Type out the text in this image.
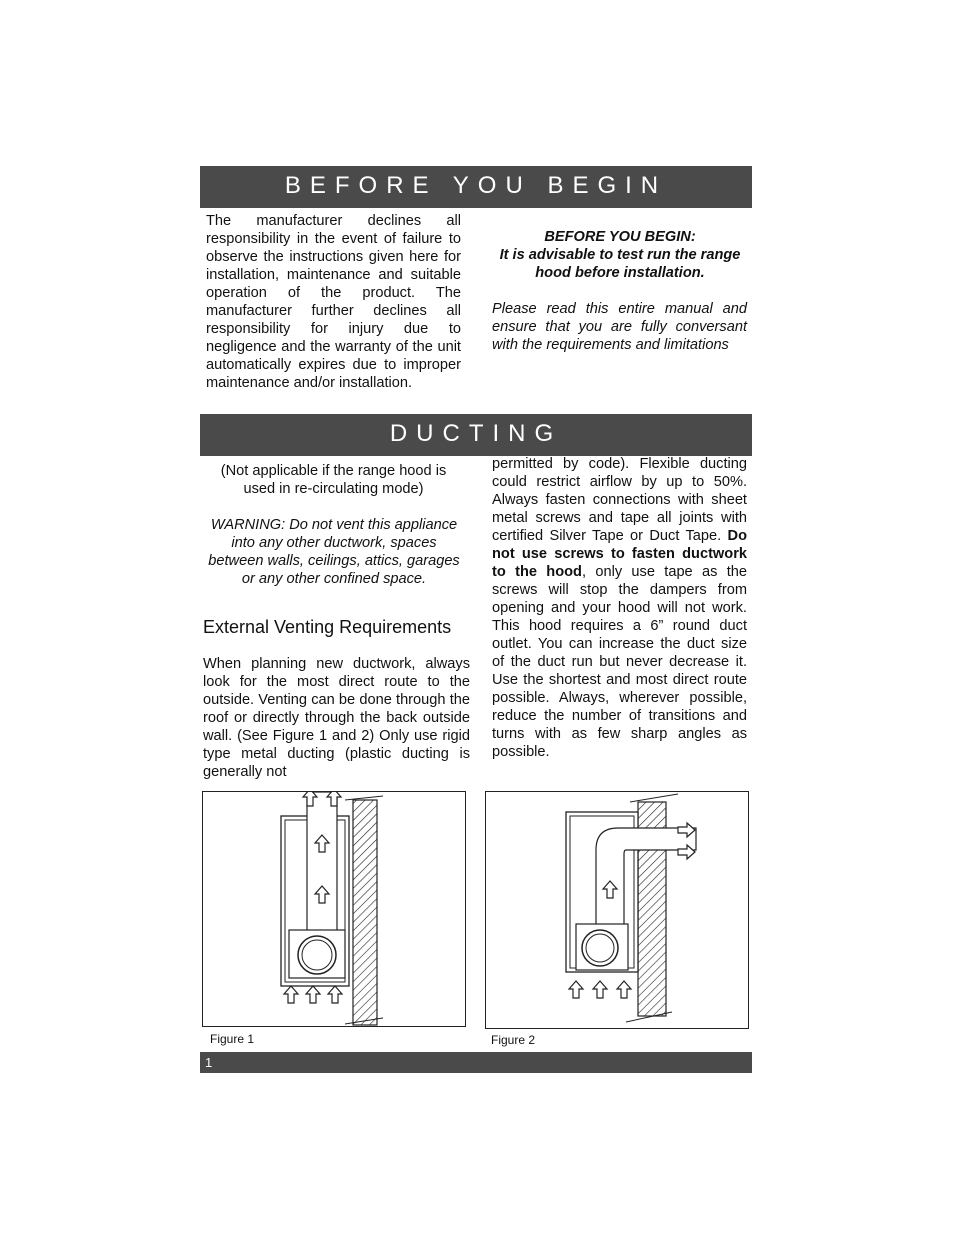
BEFORE YOU BEGIN
The manufacturer declines all responsibility in the event of failure to observe the instructions given here for installation, maintenance and suitable operation of the product. The manufacturer further declines all responsibility for injury due to negligence and the warranty of the unit automatically expires due to improper maintenance and/or installation.
BEFORE YOU BEGIN:
It is advisable to test run the range hood before installation.
Please read this entire manual and ensure that you are fully conversant with the requirements and limitations
DUCTING
(Not applicable if the range hood is used in re-circulating mode)
WARNING: Do not vent this appliance into any other ductwork, spaces between walls, ceilings, attics, garages or any other confined space.
External Venting Requirements
When planning new ductwork, always look for the most direct route to the outside. Venting can be done through the roof or directly through the back outside wall. (See Figure 1 and 2) Only use rigid type metal ducting (plastic ducting is generally not
permitted by code). Flexible ducting could restrict airflow by up to 50%. Always fasten connections with sheet metal screws and tape all joints with certified Silver Tape or Duct Tape. Do not use screws to fasten ductwork to the hood, only use tape as the screws will stop the dampers from opening and your hood will not work. This hood requires a 6” round duct outlet. You can increase the duct size of the duct run but never decrease it. Use the shortest and most direct route possible. Always, wherever possible, reduce the number of transitions and turns with as few sharp angles as possible.
Figure 1	Figure 2
1
